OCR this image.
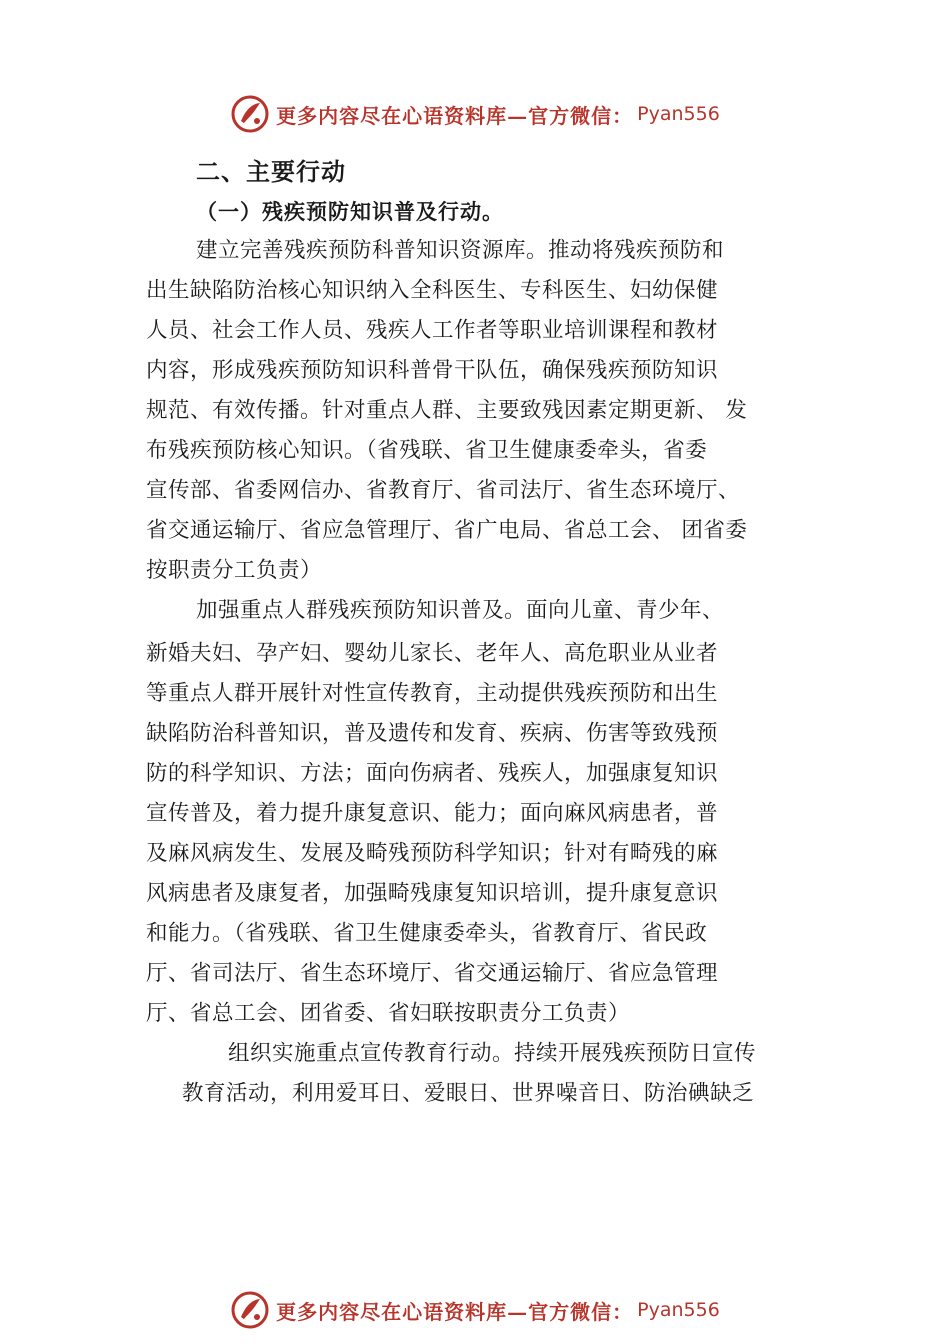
更多内容尽在心语资料库—官方微信： Pyan556
二、主要行动
（一）残疾预防知识普及行动。
建立完善残疾预防科普知识资源库。推动将残疾预防和
出生缺陷防治核心知识纳入全科医生、专科医生、妇幼保健
人员、社会工作人员、残疾人工作者等职业培训课程和教材
内容，形成残疾预防知识科普骨干队伍，确保残疾预防知识
规范、有效传播。针对重点人群、主要致残因素定期更新、 发
布残疾预防核心知识。（省残联、省卫生健康委牵头，省委
宣传部、省委网信办、省教育厅、省司法厅、省生态环境厅、
省交通运输厅、省应急管理厅、省广电局、省总工会、 团省委
按职责分工负责）
加强重点人群残疾预防知识普及。面向儿童、青少年、
新婚夫妇、孕产妇、婴幼儿家长、老年人、高危职业从业者
等重点人群开展针对性宣传教育，主动提供残疾预防和出生
缺陷防治科普知识，普及遗传和发育、疾病、伤害等致残预
防的科学知识、方法；面向伤病者、残疾人，加强康复知识
宣传普及，着力提升康复意识、能力；面向麻风病患者，普
及麻风病发生、发展及畸残预防科学知识；针对有畸残的麻
风病患者及康复者，加强畸残康复知识培训，提升康复意识
和能力。（省残联、省卫生健康委牵头，省教育厅、省民政
厅、省司法厅、省生态环境厅、省交通运输厅、省应急管理
厅、省总工会、团省委、省妇联按职责分工负责）
组织实施重点宣传教育行动。持续开展残疾预防日宣传
教育活动，利用爱耳日、爱眼日、世界噪音日、防治碘缺乏
更多内容尽在心语资料库—官方微信： Pyan556
